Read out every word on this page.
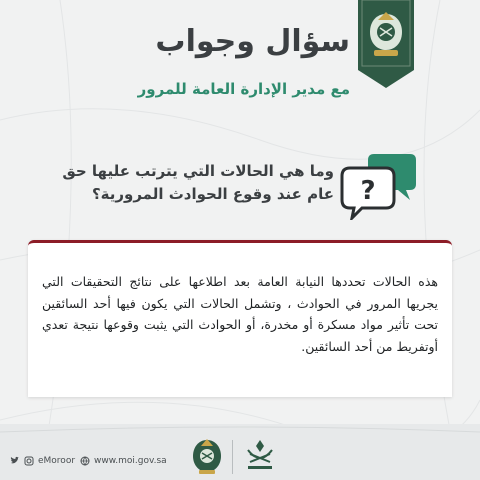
سؤال وجواب
مع مدير الإدارة العامة للمرور
?
وما هي الحالات التي يترتب عليها حق عام عند وقوع الحوادث المرورية؟
هذه الحالات تحددها النيابة العامة بعد اطلاعها على نتائج التحقيقات التي يجريها المرور في الحوادث ، وتشمل الحالات التي يكون فيها أحد السائقين تحت تأثير مواد مسكرة أو مخدرة، أو الحوادث التي يثبت وقوعها نتيجة تعدي أوتفريط من أحد السائقين.
eMoroor www.moi.gov.sa
